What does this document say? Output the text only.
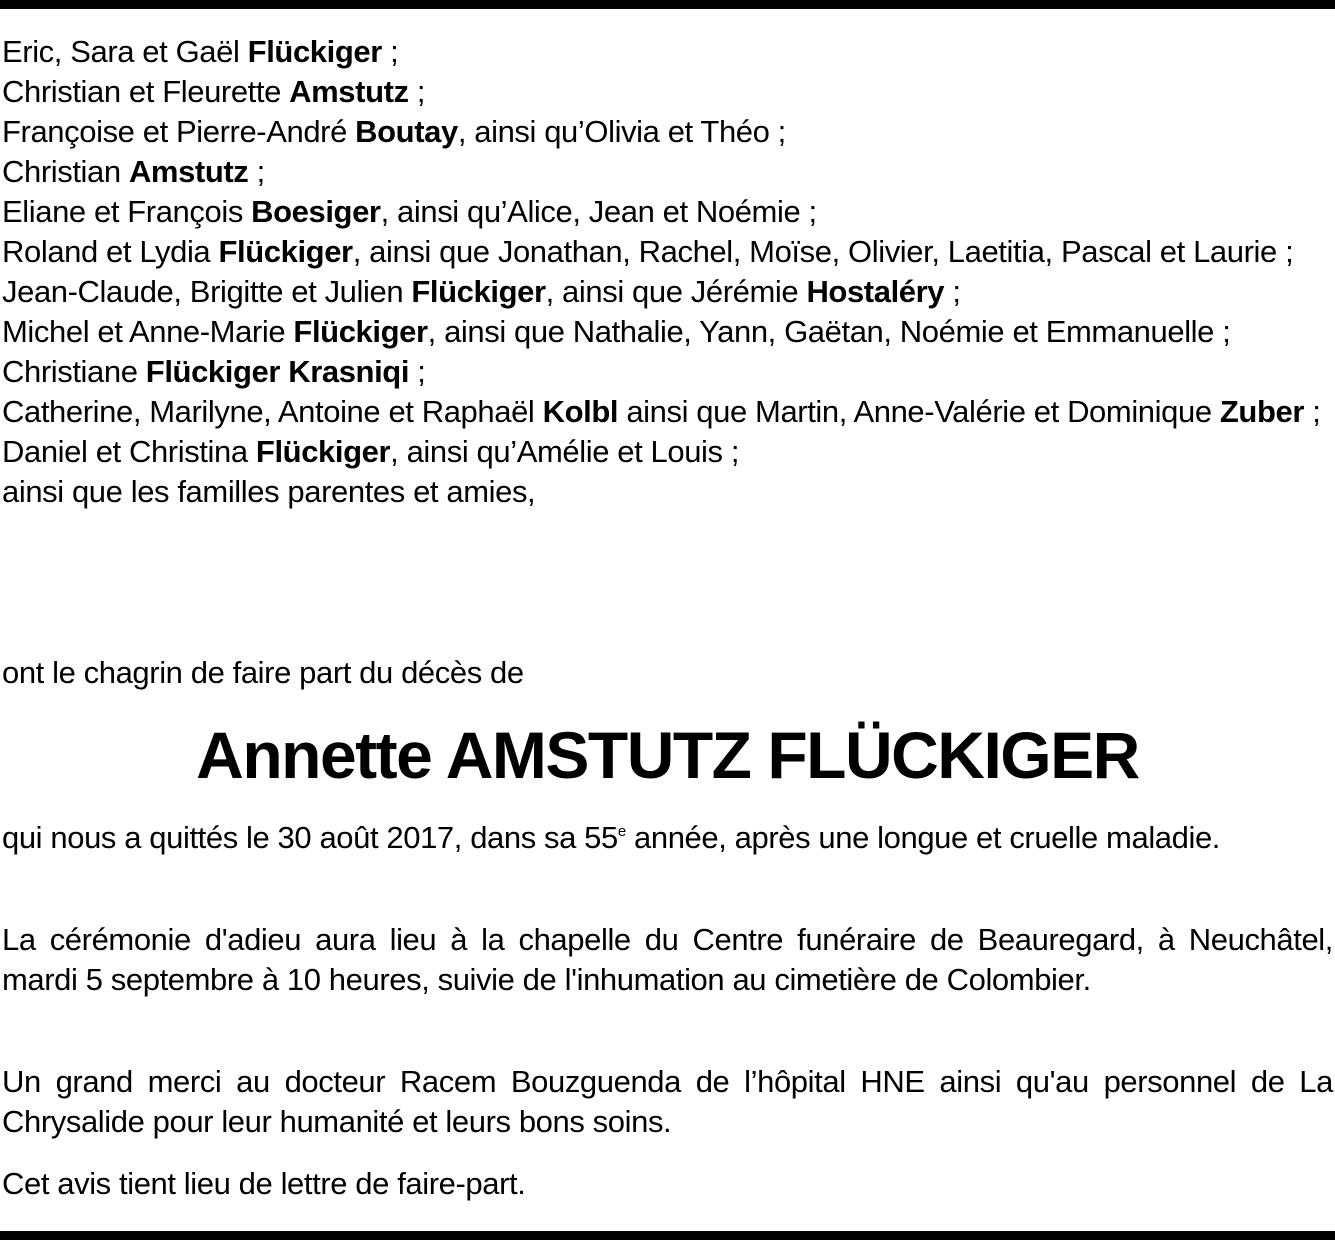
Eric, Sara et Gaël Flückiger ;

Christian et Fleurette Amstutz ;

Françoise et Pierre-André Boutay, ainsi qu’Olivia et Théo ;

Christian Amstutz ;

Eliane et François Boesiger, ainsi qu’Alice, Jean et Noémie ;

Roland et Lydia Flückiger, ainsi que Jonathan, Rachel, Moïse, Olivier, Laetitia, Pascal et Laurie ;

Jean-Claude, Brigitte et Julien Flückiger, ainsi que Jérémie Hostaléry ;

Michel et Anne-Marie Flückiger, ainsi que Nathalie, Yann, Gaëtan, Noémie et Emmanuelle ;

Christiane Flückiger Krasniqi ;

Catherine, Marilyne, Antoine et Raphaël Kolbl ainsi que Martin, Anne-Valérie et Dominique Zuber ;

Daniel et Christina Flückiger, ainsi qu’Amélie et Louis ;

ainsi que les familles parentes et amies,

ont le chagrin de faire part du décès de

Annette AMSTUTZ FLÜCKIGER

qui nous a quittés le 30 août 2017, dans sa 55e année, après une longue et cruelle maladie.

La cérémonie d'adieu aura lieu à la chapelle du Centre funéraire de Beauregard, à Neuchâtel, mardi 5 septembre à 10 heures, suivie de l'inhumation au cimetière de Colombier.

Un grand merci au docteur Racem Bouzguenda de l’hôpital HNE ainsi qu'au personnel de La Chrysalide pour leur humanité et leurs bons soins.

Cet avis tient lieu de lettre de faire-part.
